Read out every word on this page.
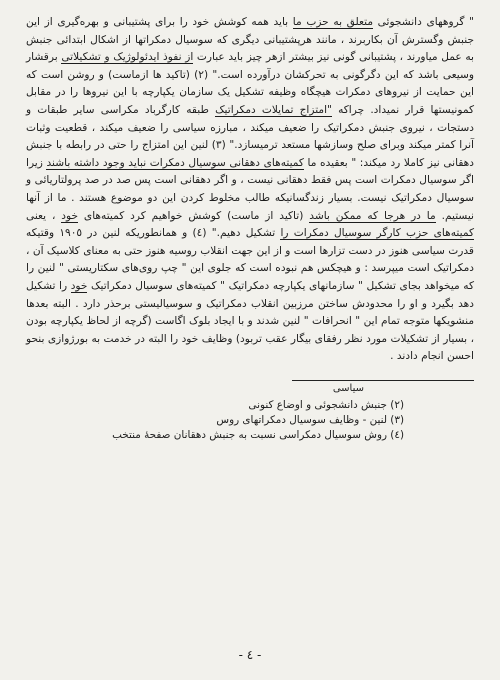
" گروههای دانشجوئی متعلق به حزب ما باید همه کوشش خود را برای پشتیبانی و بهره‌گیری از این جنبش وگسترش آن بکاربرند ، مانند هرپشتیبانی دیگری که سوسیال دمکراتها از اشکال ابتدائی جنبش به عمل میاورند ، پشتیبانی گونی نیز بیشتر ازهر چیز باید عبارت از نفوذ ایدئولوژیک و تشکیلاتی برقشار وسیعی باشد که این دگرگونی به تحرکشان درآورده است." (٢) (تاکید ها ازماست) و روشن است که این حمایت از نیروهای دمکرات هیچگاه وظیفه تشکیل یک سازمان یکپارچه با این نیروها را در مقابل کمونیستها قرار نمیداد. چراکه "امتزاج تمایلات دمکراتیک طبقه کارگرباد مکراسی سایر طبقات و دستجات ، نیروی جنبش دمکراتیک را ضعیف میکند ، مبارزه سیاسی را ضعیف میکند ، قطعیت وثبات آنرا کمتر میکند وبرای صلح وسازشها مستعد ترمیسازد." (٣) لنین این امتزاج را حتی در رابطه با جنبش دهقانی نیز کاملا رد میکند: " بعقیده ما کمیته‌های دهقانی سوسیال دمکرات نباید وجود داشته باشند زیرا اگر سوسیال دمکرات است پس فقط دهقانی نیست ، و اگر دهقانی است پس صد در صد پرولتاریائی و سوسیال دمکراتیک نیست. بسیار زندگسانیکه طالب مخلوط کردن این دو موضوع هستند . ما از آنها نیستیم. ما در هرجا که ممکن باشد (تاکید از ماست) کوشش خواهیم کرد کمیته‌های خود ، یعنی کمیته‌های حزب کارگر سوسیال دمکرات را تشکیل دهیم." (٤) و همانطوریکه لنین در ١٩٠٥ وقتیکه قدرت سیاسی هنوز در دست تزارها است و از این جهت انقلاب روسیه هنوز حتی به معنای کلاسیک آن ، دمکراتیک است میپرسد : و هیچکس هم نبوده است که جلوی این " چپ روی‌های سکتاریستی " لنین را که میخواهد بجای تشکیل " سازمانهای یکپارچه دمکراتیک " کمیته‌های سوسیال دمکراتیک خود را تشکیل دهد بگیرد و او را محدودش ساختن مرزبین انقلاب دمکراتیک و سوسیالیستی برحذر دارد . البته بعدها منشویکها متوجه تمام این " انحرافات " لنین شدند و با ایجاد بلوک اگاست (گرچه از لحاظ یکپارچه بودن ، بسیار از تشکیلات مورد نظر رفقای بیگار عقب تربود) وظایف خود را البته در خدمت به بورژوازی بنحو احسن انجام دادند .

سیاسی
(٢) جنبش دانشجوئی و اوضاع کنونی
(٣) لنین - وظایف سوسیال دمکراتهای روس
(٤) روش سوسیال دمکراسی نسبت به جنبش دهقانان صفحهٔ منتخب
- ٤ -
